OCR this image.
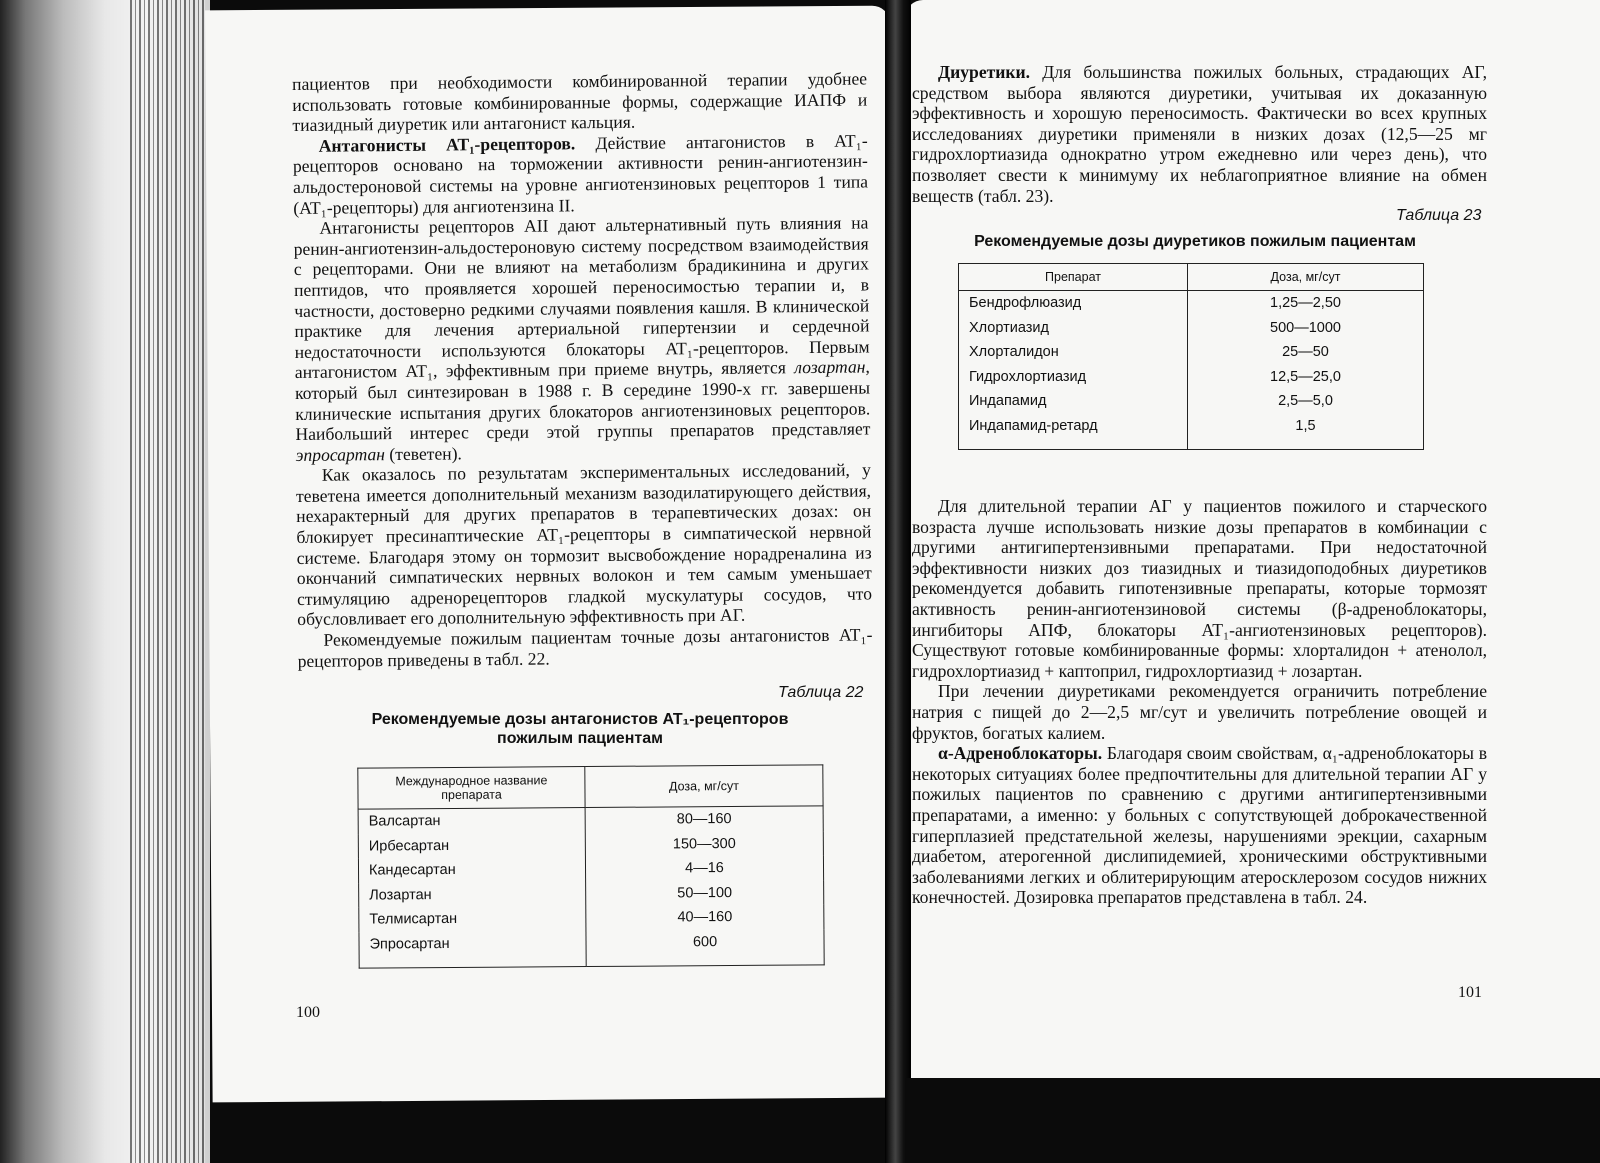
пациентов при необходимости комбинированной терапии удобнее использовать готовые комбинированные формы, содержащие ИАПФ и тиазидный диуретик или антагонист кальция.

Антагонисты AT₁-рецепторов. Действие антагонистов в AT₁-рецепторов основано на торможении активности ренин-ангиотензин-альдостероновой системы на уровне ангиотензиновых рецепторов 1 типа (AT₁-рецепторы) для ангиотензина II.

Антагонисты рецепторов AII дают альтернативный путь влияния на ренин-ангиотензин-альдостероновую систему посредством взаимодействия с рецепторами. Они не влияют на метаболизм брадикинина и других пептидов, что проявляется хорошей переносимостью терапии и, в частности, достоверно редкими случаями появления кашля. В клинической практике для лечения артериальной гипертензии и сердечной недостаточности используются блокаторы AT₁-рецепторов. Первым антагонистом AT₁, эффективным при приеме внутрь, является лозартан, который был синтезирован в 1988 г. В середине 1990-х гг. завершены клинические испытания других блокаторов ангиотензиновых рецепторов. Наибольший интерес среди этой группы препаратов представляет эпросартан (теветен).

Как оказалось по результатам экспериментальных исследований, у теветена имеется дополнительный механизм вазодилатирующего действия, нехарактерный для других препаратов в терапевтических дозах: он блокирует пресинаптические AT₁-рецепторы в симпатической нервной системе. Благодаря этому он тормозит высвобождение норадреналина из окончаний симпатических нервных волокон и тем самым уменьшает стимуляцию адренорецепторов гладкой мускулатуры сосудов, что обусловливает его дополнительную эффективность при АГ.

Рекомендуемые пожилым пациентам точные дозы антагонистов AT₁-рецепторов приведены в табл. 22.

Таблица 22
Рекомендуемые дозы антагонистов AT₁-рецепторов
пожилым пациентам
Международное название препарата	Доза, мг/сут
Валсартан	80—160
Ирбесартан	150—300
Кандесартан	4—16
Лозартан	50—100
Телмисартан	40—160
Эпросартан	600
100

Диуретики. Для большинства пожилых больных, страдающих АГ, средством выбора являются диуретики, учитывая их доказанную эффективность и хорошую переносимость. Фактически во всех крупных исследованиях диуретики применяли в низких дозах (12,5—25 мг гидрохлортиазида однократно утром ежедневно или через день), что позволяет свести к минимуму их неблагоприятное влияние на обмен веществ (табл. 23).

Таблица 23
Рекомендуемые дозы диуретиков пожилым пациентам
Препарат	Доза, мг/сут
Бендрофлюазид	1,25—2,50
Хлортиазид	500—1000
Хлорталидон	25—50
Гидрохлортиазид	12,5—25,0
Индапамид	2,5—5,0
Индапамид-ретард	1,5

Для длительной терапии АГ у пациентов пожилого и старческого возраста лучше использовать низкие дозы препаратов в комбинации с другими антигипертензивными препаратами. При недостаточной эффективности низких доз тиазидных и тиазидоподобных диуретиков рекомендуется добавить гипотензивные препараты, которые тормозят активность ренин-ангиотензиновой системы (β-адреноблокаторы, ингибиторы АПФ, блокаторы AT₁-ангиотензиновых рецепторов). Существуют готовые комбинированные формы: хлорталидон + атенолол, гидрохлортиазид + каптоприл, гидрохлортиазид + лозартан.

При лечении диуретиками рекомендуется ограничить потребление натрия с пищей до 2—2,5 мг/сут и увеличить потребление овощей и фруктов, богатых калием.

α-Адреноблокаторы. Благодаря своим свойствам, α₁-адреноблокаторы в некоторых ситуациях более предпочтительны для длительной терапии АГ у пожилых пациентов по сравнению с другими антигипертензивными препаратами, а именно: у больных с сопутствующей доброкачественной гиперплазией предстательной железы, нарушениями эрекции, сахарным диабетом, атерогенной дислипидемией, хроническими обструктивными заболеваниями легких и облитерирующим атеросклерозом сосудов нижних конечностей. Дозировка препаратов представлена в табл. 24.

101
